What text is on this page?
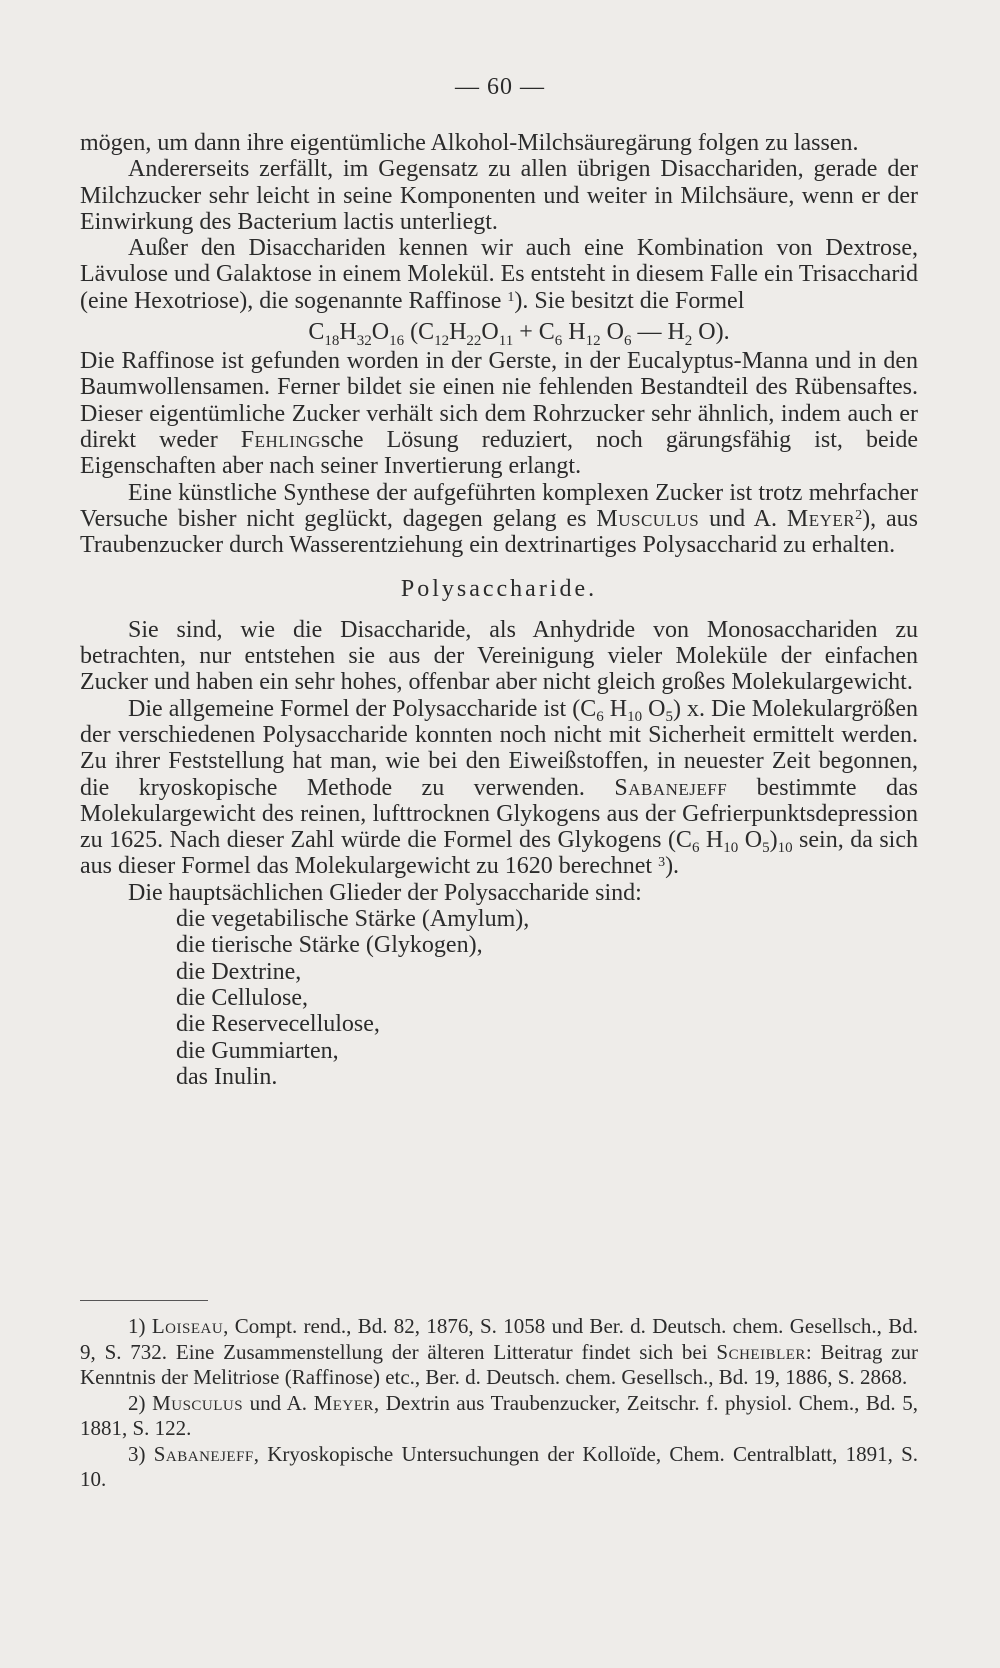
— 60 —

mögen, um dann ihre eigentümliche Alkohol-Milchsäuregärung folgen zu lassen.

Andererseits zerfällt, im Gegensatz zu allen übrigen Disacchariden, gerade der Milchzucker sehr leicht in seine Komponenten und weiter in Milchsäure, wenn er der Einwirkung des Bacterium lactis unterliegt.

Außer den Disacchariden kennen wir auch eine Kombination von Dextrose, Lävulose und Galaktose in einem Molekül. Es entsteht in diesem Falle ein Trisaccharid (eine Hexotriose), die sogenannte Raffinose $^1$). Sie besitzt die Formel

$C_{18}H_{32}O_{16}$ ($C_{12}H_{22}O_{11} + C_6$ $H_{12}$ $O_6$ — $H_2$ O).

Die Raffinose ist gefunden worden in der Gerste, in der Eucalyptus-Manna und in den Baumwollensamen. Ferner bildet sie einen nie fehlenden Bestandteil des Rübensaftes. Dieser eigentümliche Zucker verhält sich dem Rohrzucker sehr ähnlich, indem auch er direkt weder Fehlingsche Lösung reduziert, noch gärungsfähig ist, beide Eigenschaften aber nach seiner Invertierung erlangt.

Eine künstliche Synthese der aufgeführten komplexen Zucker ist trotz mehrfacher Versuche bisher nicht geglückt, dagegen gelang es Musculus und A. Meyer$^2$), aus Traubenzucker durch Wasserentziehung ein dextrinartiges Polysaccharid zu erhalten.

Polysaccharide.

Sie sind, wie die Disaccharide, als Anhydride von Monosacchariden zu betrachten, nur entstehen sie aus der Vereinigung vieler Moleküle der einfachen Zucker und haben ein sehr hohes, offenbar aber nicht gleich großes Molekulargewicht.

Die allgemeine Formel der Polysaccharide ist ($C_6$ $H_{10}$ $O_5$) x. Die Molekulargrößen der verschiedenen Polysaccharide konnten noch nicht mit Sicherheit ermittelt werden. Zu ihrer Feststellung hat man, wie bei den Eiweißstoffen, in neuester Zeit begonnen, die kryoskopische Methode zu verwenden. Sabanejeff bestimmte das Molekulargewicht des reinen, lufttrocknen Glykogens aus der Gefrierpunktsdepression zu 1625. Nach dieser Zahl würde die Formel des Glykogens ($C_6$ $H_{10}$ $O_5)_{10}$ sein, da sich aus dieser Formel das Molekulargewicht zu 1620 berechnet $^3$).

Die hauptsächlichen Glieder der Polysaccharide sind:

die vegetabilische Stärke (Amylum),
die tierische Stärke (Glykogen),
die Dextrine,
die Cellulose,
die Reservecellulose,
die Gummiarten,
das Inulin.

1) Loiseau, Compt. rend., Bd. 82, 1876, S. 1058 und Ber. d. Deutsch. chem. Gesellsch., Bd. 9, S. 732. Eine Zusammenstellung der älteren Litteratur findet sich bei Scheibler: Beitrag zur Kenntnis der Melitriose (Raffinose) etc., Ber. d. Deutsch. chem. Gesellsch., Bd. 19, 1886, S. 2868.

2) Musculus und A. Meyer, Dextrin aus Traubenzucker, Zeitschr. f. physiol. Chem., Bd. 5, 1881, S. 122.

3) Sabanejeff, Kryoskopische Untersuchungen der Kolloïde, Chem. Centralblatt, 1891, S. 10.
